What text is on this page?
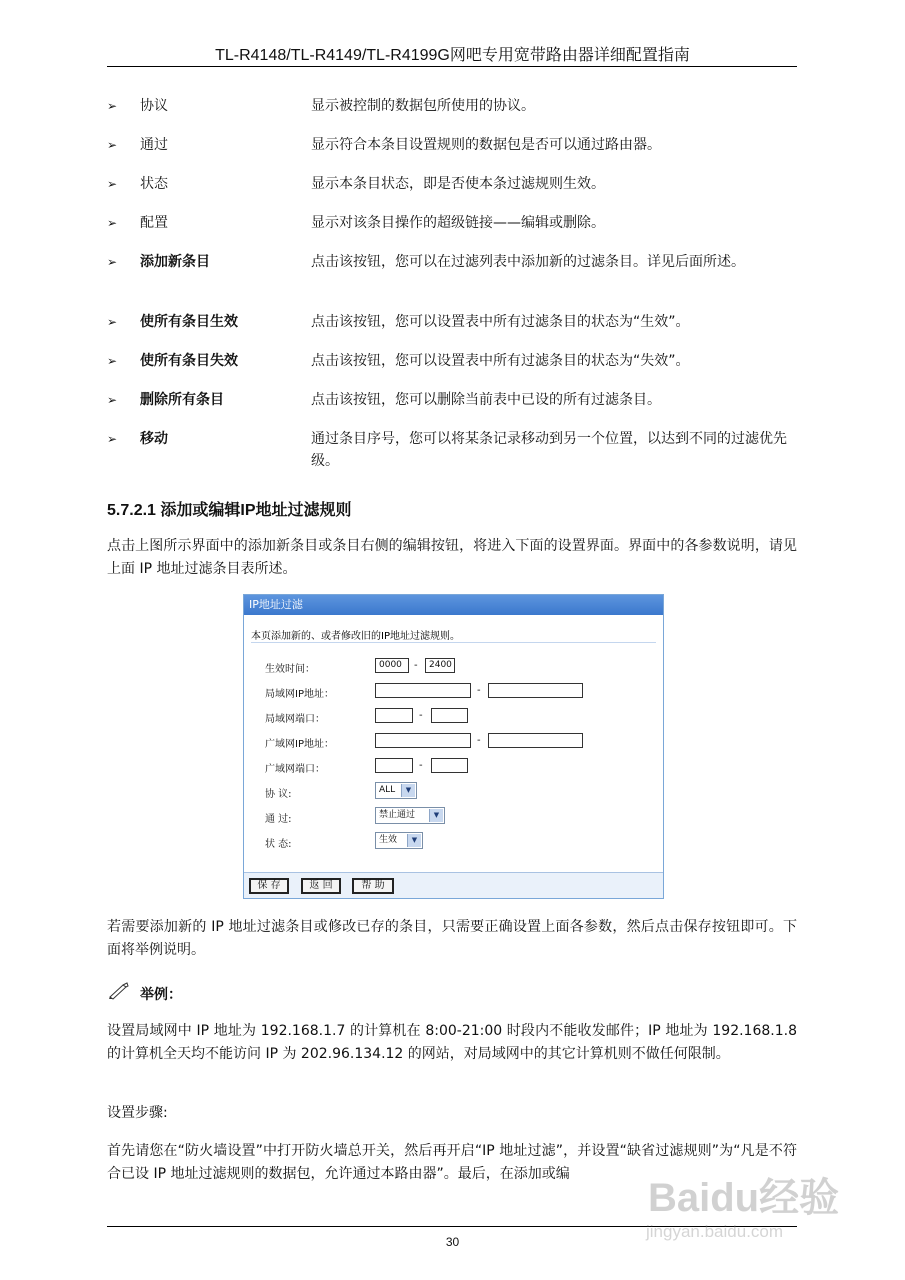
TL-R4148/TL-R4149/TL-R4199G网吧专用宽带路由器详细配置指南
➢ 协议	显示被控制的数据包所使用的协议。
➢ 通过	显示符合本条目设置规则的数据包是否可以通过路由器。
➢ 状态	显示本条目状态，即是否使本条过滤规则生效。
➢ 配置	显示对该条目操作的超级链接——编辑或删除。
➢ 添加新条目	点击该按钮，您可以在过滤列表中添加新的过滤条目。详见后面所述。
➢ 使所有条目生效	点击该按钮，您可以设置表中所有过滤条目的状态为“生效”。
➢ 使所有条目失效	点击该按钮，您可以设置表中所有过滤条目的状态为“失效”。
➢ 删除所有条目	点击该按钮，您可以删除当前表中已设的所有过滤条目。
➢ 移动	通过条目序号，您可以将某条记录移动到另一个位置，以达到不同的过滤优先级。
5.7.2.1 添加或编辑IP地址过滤规则
点击上图所示界面中的添加新条目或条目右侧的编辑按钮，将进入下面的设置界面。界面中的各参数说明，请见上面 IP 地址过滤条目表所述。
IP地址过滤
本页添加新的、或者修改旧的IP地址过滤规则。
生效时间：	0000	-	2400
局域网IP地址：	-
局域网端口：	-
广域网IP地址：	-
广域网端口：	-
协 议:	ALL	▼
通 过:	禁止通过	▼
状 态:	生效	▼
保 存	返 回	帮 助
若需要添加新的 IP 地址过滤条目或修改已存的条目，只需要正确设置上面各参数，然后点击保存按钮即可。下面将举例说明。
举例：
设置局域网中 IP 地址为 192.168.1.7 的计算机在 8:00-21:00 时段内不能收发邮件；IP 地址为 192.168.1.8 的计算机全天均不能访问 IP 为 202.96.134.12 的网站，对局域网中的其它计算机则不做任何限制。
设置步骤:
首先请您在“防火墙设置”中打开防火墙总开关，然后再开启“IP 地址过滤”，并设置“缺省过滤规则”为“凡是不符合已设 IP 地址过滤规则的数据包，允许通过本路由器”。最后，在添加或编
30
Baidu经验
jingyan.baidu.com
